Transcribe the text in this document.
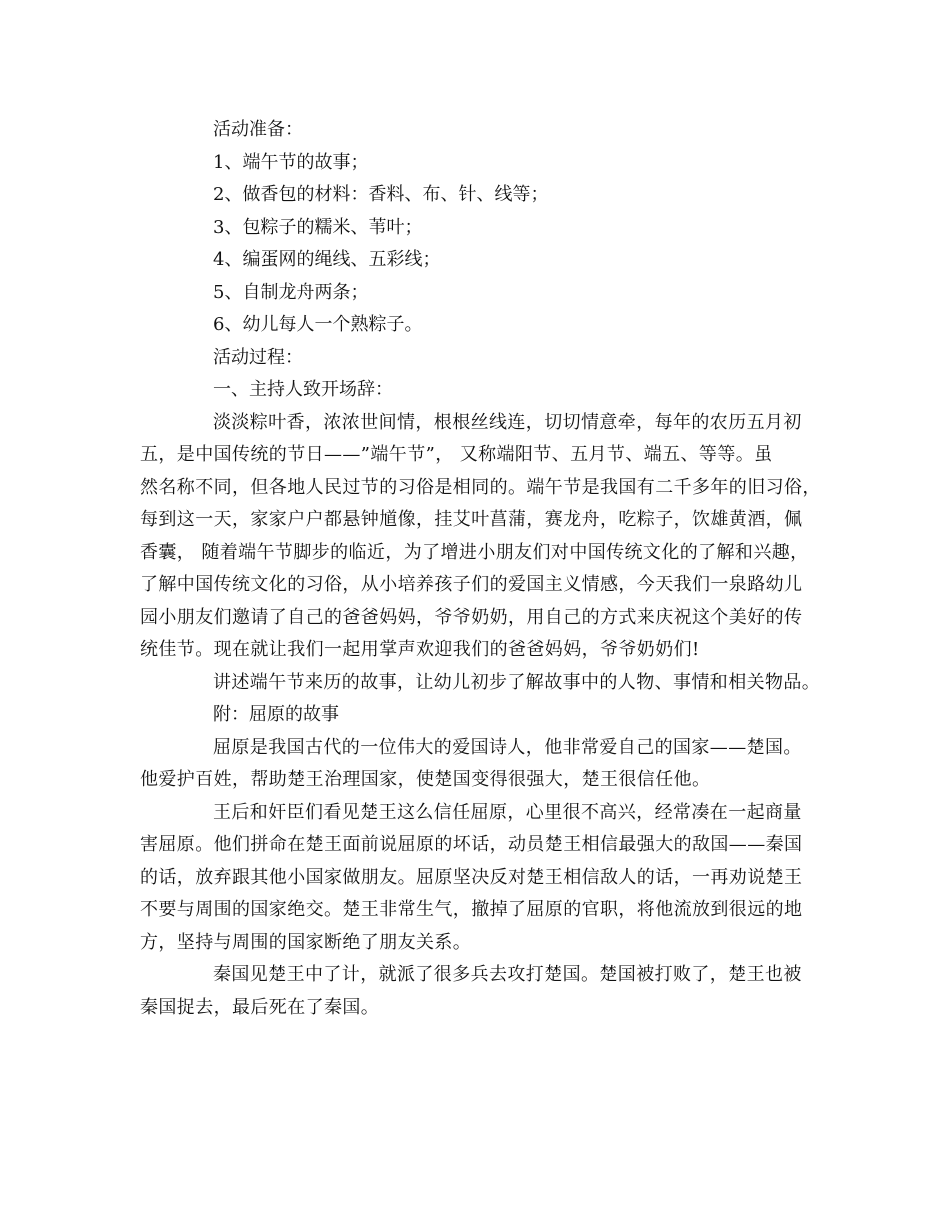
活动准备：
1、端午节的故事；
2、做香包的材料：香料、布、针、线等；
3、包粽子的糯米、苇叶；
4、编蛋网的绳线、五彩线；
5、自制龙舟两条；
6、幼儿每人一个熟粽子。
活动过程：
一、主持人致开场辞：
淡淡粽叶香，浓浓世间情，根根丝线连，切切情意牵，每年的农历五月初
五，是中国传统的节日——”端午节”， 又称端阳节、五月节、端五、等等。虽
然名称不同，但各地人民过节的习俗是相同的。端午节是我国有二千多年的旧习俗，
每到这一天，家家户户都悬钟馗像，挂艾叶菖蒲，赛龙舟，吃粽子，饮雄黄酒，佩
香囊， 随着端午节脚步的临近，为了增进小朋友们对中国传统文化的了解和兴趣，
了解中国传统文化的习俗，从小培养孩子们的爱国主义情感，今天我们一泉路幼儿
园小朋友们邀请了自己的爸爸妈妈，爷爷奶奶，用自己的方式来庆祝这个美好的传
统佳节。现在就让我们一起用掌声欢迎我们的爸爸妈妈，爷爷奶奶们!
讲述端午节来历的故事，让幼儿初步了解故事中的人物、事情和相关物品。
附：屈原的故事
屈原是我国古代的一位伟大的爱国诗人，他非常爱自己的国家——楚国。
他爱护百姓，帮助楚王治理国家，使楚国变得很强大，楚王很信任他。
王后和奸臣们看见楚王这么信任屈原，心里很不高兴，经常凑在一起商量
害屈原。他们拼命在楚王面前说屈原的坏话，动员楚王相信最强大的敌国——秦国
的话，放弃跟其他小国家做朋友。屈原坚决反对楚王相信敌人的话，一再劝说楚王
不要与周围的国家绝交。楚王非常生气，撤掉了屈原的官职，将他流放到很远的地
方，坚持与周围的国家断绝了朋友关系。
秦国见楚王中了计，就派了很多兵去攻打楚国。楚国被打败了，楚王也被
秦国捉去，最后死在了秦国。
